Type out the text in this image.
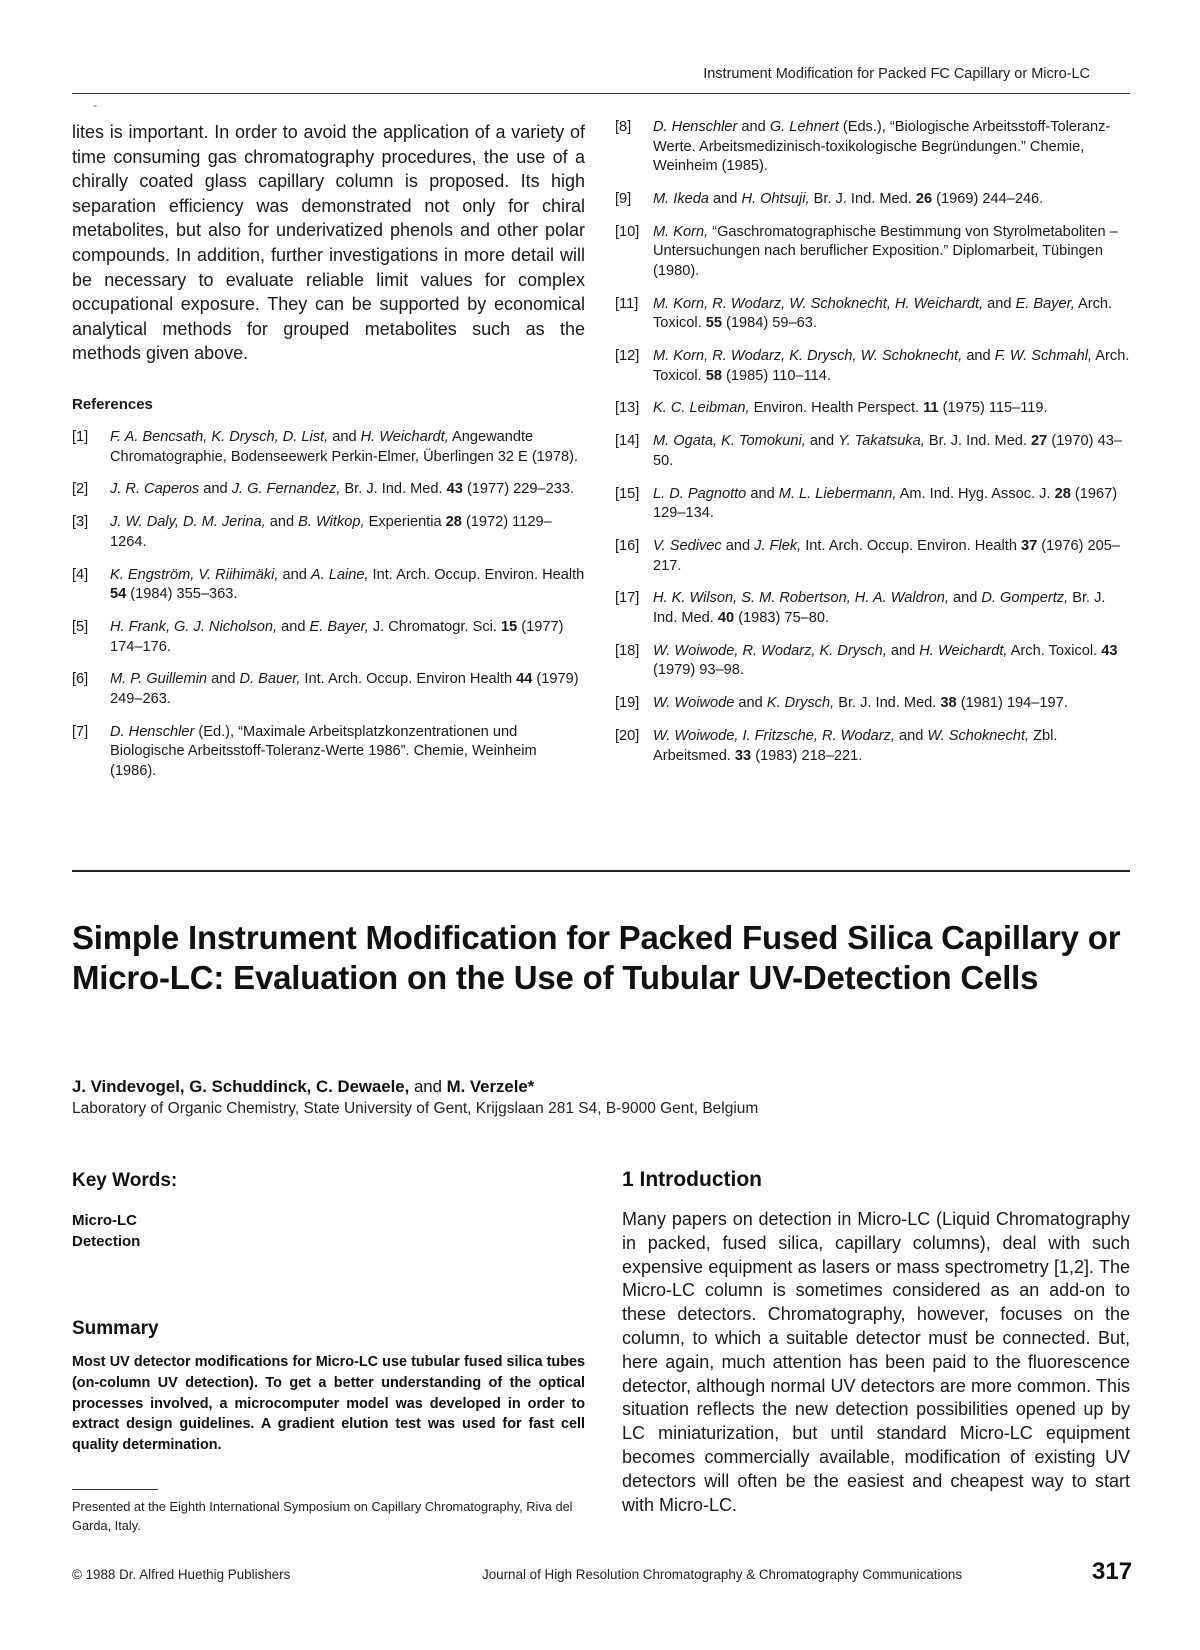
Instrument Modification for Packed FC Capillary or Micro-LC
-
lites is important. In order to avoid the application of a variety of time consuming gas chromatography procedures, the use of a chirally coated glass capillary column is proposed. Its high separation efficiency was demonstrated not only for chiral metabolites, but also for underivatized phenols and other polar compounds. In addition, further investigations in more detail will be necessary to evaluate reliable limit values for complex occupational exposure. They can be supported by economical analytical methods for grouped metabolites such as the methods given above.
References
[1]	F. A. Bencsath, K. Drysch, D. List, and H. Weichardt, Angewandte Chromatographie, Bodenseewerk Perkin-Elmer, Überlingen 32 E (1978).
[2]	J. R. Caperos and J. G. Fernandez, Br. J. Ind. Med. 43 (1977) 229–233.
[3]	J. W. Daly, D. M. Jerina, and B. Witkop, Experientia 28 (1972) 1129–1264.
[4]	K. Engström, V. Riihimäki, and A. Laine, Int. Arch. Occup. Environ. Health 54 (1984) 355–363.
[5]	H. Frank, G. J. Nicholson, and E. Bayer, J. Chromatogr. Sci. 15 (1977) 174–176.
[6]	M. P. Guillemin and D. Bauer, Int. Arch. Occup. Environ Health 44 (1979) 249–263.
[7]	D. Henschler (Ed.), “Maximale Arbeitsplatzkonzentrationen und Biologische Arbeitsstoff-Toleranz-Werte 1986”. Chemie, Weinheim (1986).
[8]	D. Henschler and G. Lehnert (Eds.), “Biologische Arbeitsstoff-Toleranz-Werte. Arbeitsmedizinisch-toxikologische Begründungen.” Chemie, Weinheim (1985).
[9]	M. Ikeda and H. Ohtsuji, Br. J. Ind. Med. 26 (1969) 244–246.
[10] M. Korn, “Gaschromatographische Bestimmung von Styrolmetaboliten – Untersuchungen nach beruflicher Exposition.” Diplomarbeit, Tübingen (1980).
[11]	M. Korn, R. Wodarz, W. Schoknecht, H. Weichardt, and E. Bayer, Arch. Toxicol. 55 (1984) 59–63.
[12] M. Korn, R. Wodarz, K. Drysch, W. Schoknecht, and F. W. Schmahl, Arch. Toxicol. 58 (1985) 110–114.
[13] K. C. Leibman, Environ. Health Perspect. 11 (1975) 115–119.
[14] M. Ogata, K. Tomokuni, and Y. Takatsuka, Br. J. Ind. Med. 27 (1970) 43–50.
[15] L. D. Pagnotto and M. L. Liebermann, Am. Ind. Hyg. Assoc. J. 28 (1967) 129–134.
[16] V. Sedivec and J. Flek, Int. Arch. Occup. Environ. Health 37 (1976) 205–217.
[17] H. K. Wilson, S. M. Robertson, H. A. Waldron, and D. Gompertz, Br. J. Ind. Med. 40 (1983) 75–80.
[18] W. Woiwode, R. Wodarz, K. Drysch, and H. Weichardt, Arch. Toxicol. 43 (1979) 93–98.
[19] W. Woiwode and K. Drysch, Br. J. Ind. Med. 38 (1981) 194–197.
[20] W. Woiwode, I. Fritzsche, R. Wodarz, and W. Schoknecht, Zbl. Arbeitsmed. 33 (1983) 218–221.
Simple Instrument Modification for Packed Fused Silica Capillary or Micro-LC: Evaluation on the Use of Tubular UV-Detection Cells
J. Vindevogel, G. Schuddinck, C. Dewaele, and M. Verzele*
Laboratory of Organic Chemistry, State University of Gent, Krijgslaan 281 S4, B-9000 Gent, Belgium
Key Words:
Micro-LC
Detection
Summary
Most UV detector modifications for Micro-LC use tubular fused silica tubes (on-column UV detection). To get a better understanding of the optical processes involved, a microcomputer model was developed in order to extract design guidelines. A gradient elution test was used for fast cell quality determination.
Presented at the Eighth International Symposium on Capillary Chromatography, Riva del Garda, Italy.
1 Introduction
Many papers on detection in Micro-LC (Liquid Chromatography in packed, fused silica, capillary columns), deal with such expensive equipment as lasers or mass spectrometry [1,2]. The Micro-LC column is sometimes considered as an add-on to these detectors. Chromatography, however, focuses on the column, to which a suitable detector must be connected. But, here again, much attention has been paid to the fluorescence detector, although normal UV detectors are more common. This situation reflects the new detection possibilities opened up by LC miniaturization, but until standard Micro-LC equipment becomes commercially available, modification of existing UV detectors will often be the easiest and cheapest way to start with Micro-LC.
© 1988 Dr. Alfred Huethig Publishers	Journal of High Resolution Chromatography & Chromatography Communications	317
